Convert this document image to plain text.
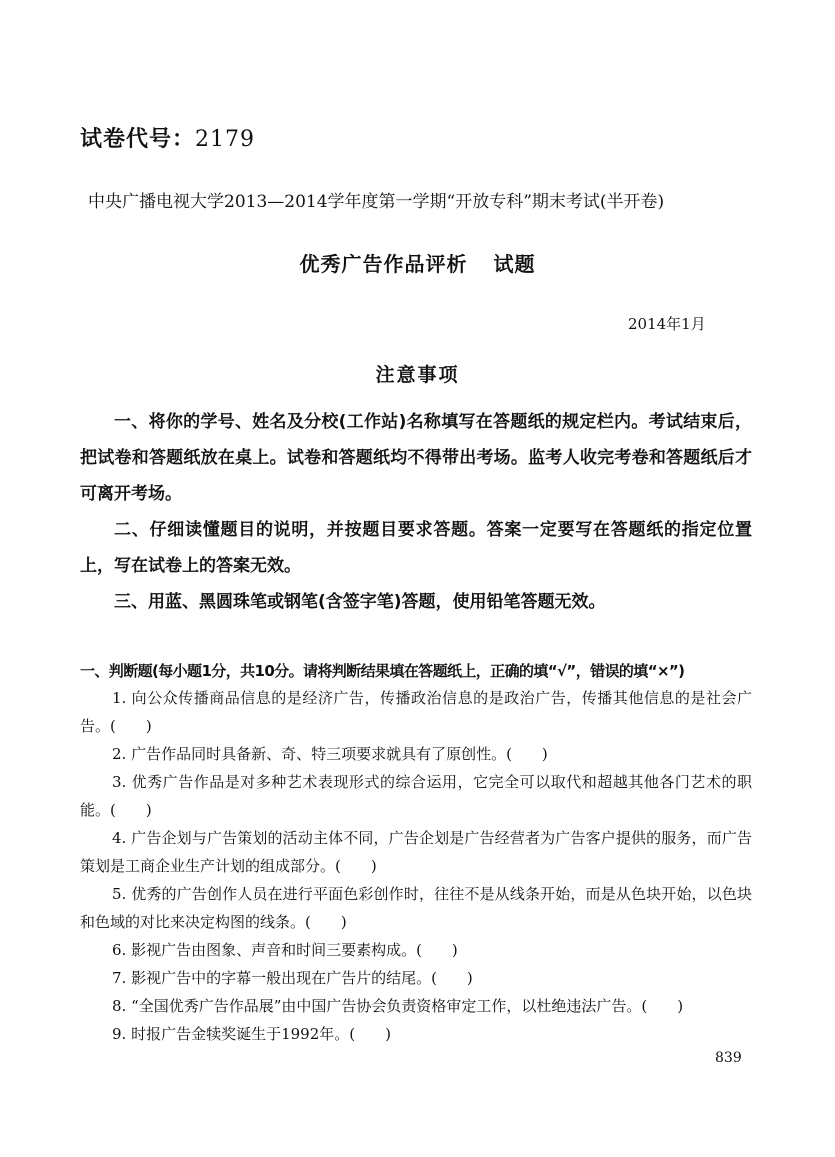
试卷代号：2179
中央广播电视大学2013—2014学年度第一学期“开放专科”期末考试(半开卷)
优秀广告作品评析 试题
2014年1月
注意事项

一、将你的学号、姓名及分校(工作站)名称填写在答题纸的规定栏内。考试结束后，把试卷和答题纸放在桌上。试卷和答题纸均不得带出考场。监考人收完考卷和答题纸后才可离开考场。

二、仔细读懂题目的说明，并按题目要求答题。答案一定要写在答题纸的指定位置上，写在试卷上的答案无效。

三、用蓝、黑圆珠笔或钢笔(含签字笔)答题，使用铅笔答题无效。

一、判断题(每小题1分，共10分。请将判断结果填在答题纸上，正确的填“√”，错误的填“×”)

1. 向公众传播商品信息的是经济广告，传播政治信息的是政治广告，传播其他信息的是社会广告。(　　)

2. 广告作品同时具备新、奇、特三项要求就具有了原创性。(　　)

3. 优秀广告作品是对多种艺术表现形式的综合运用，它完全可以取代和超越其他各门艺术的职能。(　　)

4. 广告企划与广告策划的活动主体不同，广告企划是广告经营者为广告客户提供的服务，而广告策划是工商企业生产计划的组成部分。(　　)

5. 优秀的广告创作人员在进行平面色彩创作时，往往不是从线条开始，而是从色块开始，以色块和色域的对比来决定构图的线条。(　　)

6. 影视广告由图象、声音和时间三要素构成。(　　)

7. 影视广告中的字幕一般出现在广告片的结尾。(　　)

8. “全国优秀广告作品展”由中国广告协会负责资格审定工作，以杜绝违法广告。(　　)

9. 时报广告金犊奖诞生于1992年。(　　)

839
